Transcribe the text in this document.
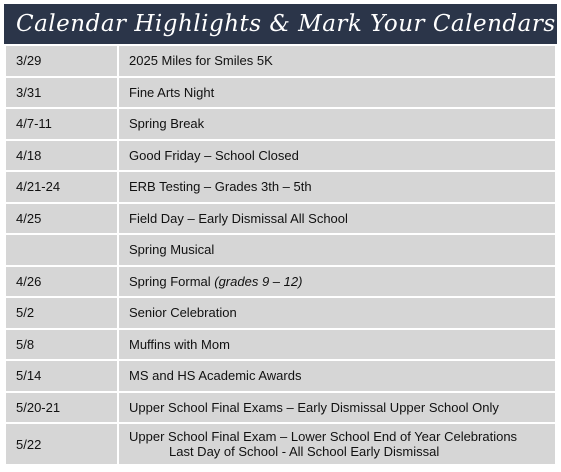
Calendar Highlights & Mark Your Calendars
3/29	2025 Miles for Smiles 5K
3/31	Fine Arts Night
4/7-11	Spring Break
4/18	Good Friday – School Closed
4/21-24	ERB Testing – Grades 3th – 5th
4/25	Field Day – Early Dismissal All School
	Spring Musical
4/26	Spring Formal (grades 9 – 12)
5/2	Senior Celebration
5/8	Muffins with Mom
5/14	MS and HS Academic Awards
5/20-21	Upper School Final Exams – Early Dismissal Upper School Only
5/22	Upper School Final Exam – Lower School End of Year Celebrations
Last Day of School - All School Early Dismissal
